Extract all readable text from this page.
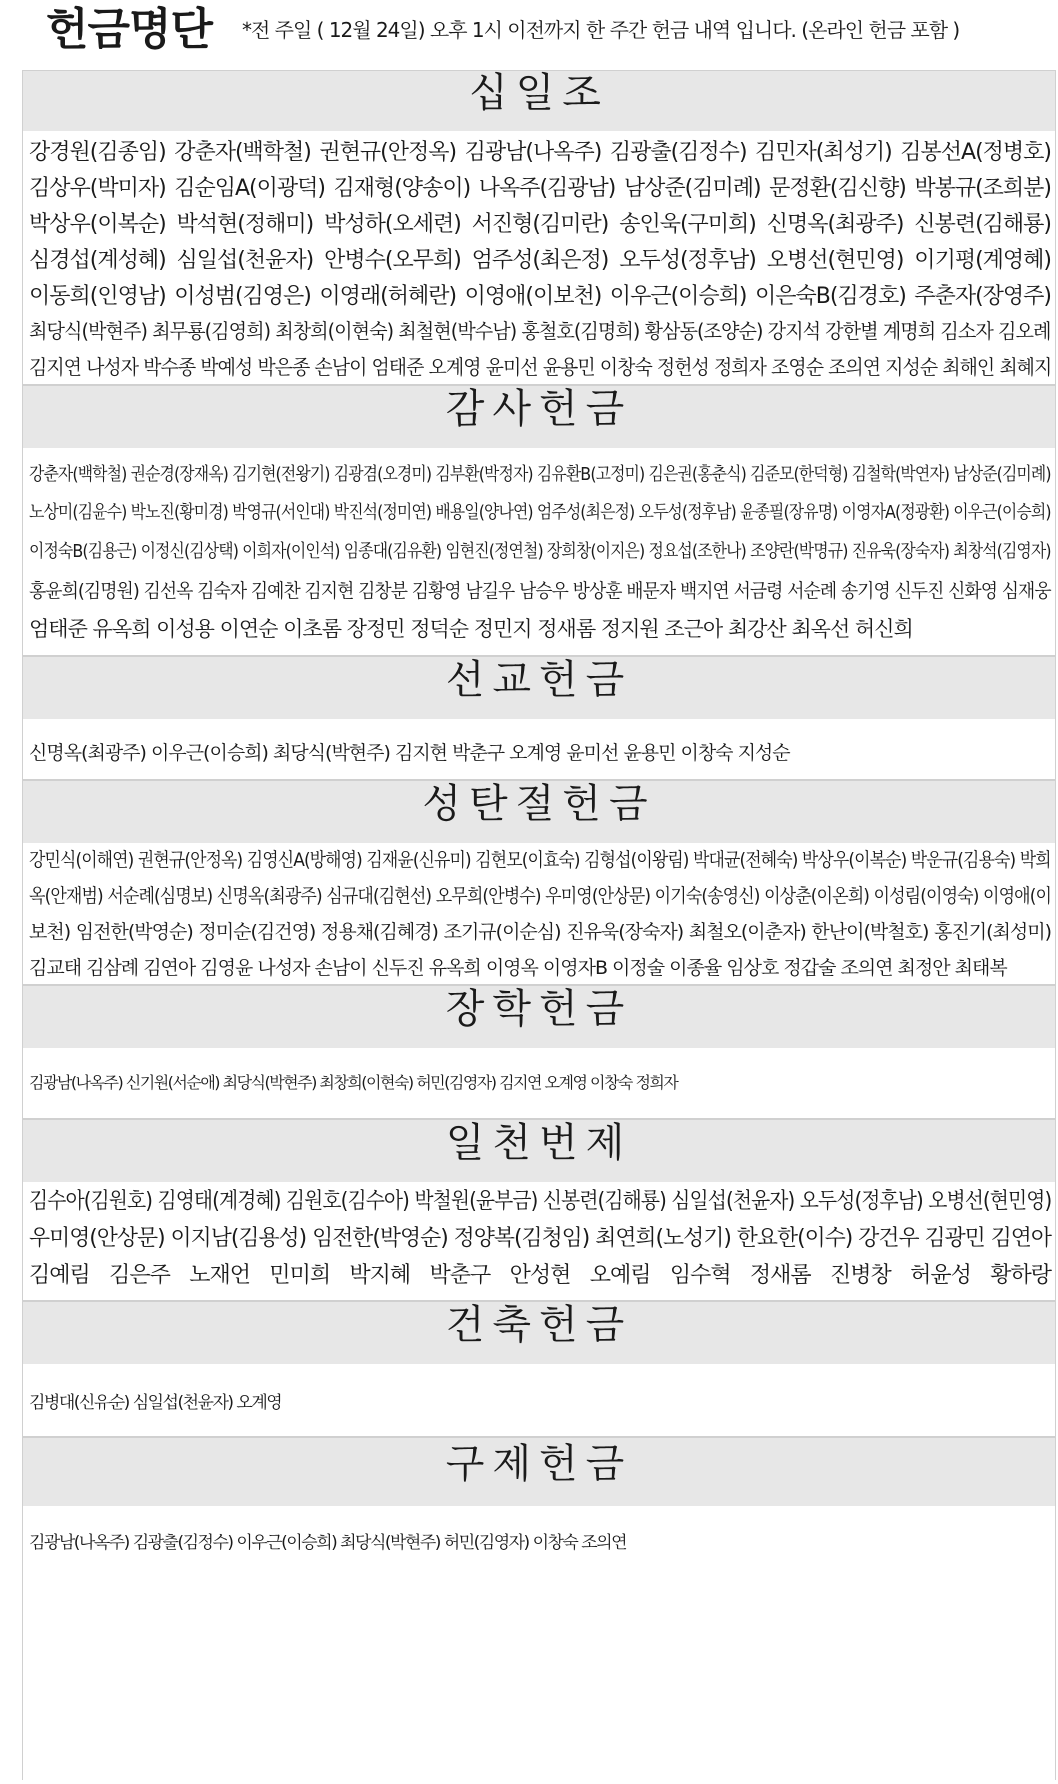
헌금명단 *전 주일 ( 12월 24일) 오후 1시 이전까지 한 주간 헌금 내역 입니다. (온라인 헌금 포함 )
십일조
강경원(김종임) 강춘자(백학철) 권현규(안정옥) 김광남(나옥주) 김광출(김정수) 김민자(최성기) 김봉선A(정병호)
김상우(박미자) 김순임A(이광덕) 김재형(양송이) 나옥주(김광남) 남상준(김미례) 문정환(김신향) 박봉규(조희분)
박상우(이복순) 박석현(정해미) 박성하(오세련) 서진형(김미란) 송인욱(구미희) 신명옥(최광주) 신봉련(김해룡)
심경섭(계성혜) 심일섭(천윤자) 안병수(오무희) 엄주성(최은정) 오두성(정후남) 오병선(현민영) 이기평(계영혜)
이동희(인영남) 이성범(김영은) 이영래(허혜란) 이영애(이보천) 이우근(이승희) 이은숙B(김경호) 주춘자(장영주)
최당식(박현주) 최무룡(김영희) 최창희(이현숙) 최철현(박수남) 홍철호(김명희) 황삼동(조양순) 강지석 강한별 계명희 김소자 김오례
김지연 나성자 박수종 박예성 박은종 손남이 엄태준 오계영 윤미선 윤용민 이창숙 정헌성 정희자 조영순 조의연 지성순 최해인 최혜지
감사헌금
강춘자(백학철) 권순경(장재옥) 김기현(전왕기) 김광겸(오경미) 김부환(박정자) 김유환B(고정미) 김은권(홍춘식) 김준모(한덕형) 김철학(박연자) 남상준(김미례)
노상미(김윤수) 박노진(황미경) 박영규(서인대) 박진석(정미연) 배용일(양나연) 엄주성(최은정) 오두성(정후남) 윤종필(장유명) 이영자A(정광환) 이우근(이승희)
이정숙B(김용근) 이정신(김상택) 이희자(이인석) 임종대(김유환) 임현진(정연철) 장희창(이지은) 정요섭(조한나) 조양란(박명규) 진유욱(장숙자) 최창석(김영자)
홍윤희(김명원) 김선옥 김숙자 김예찬 김지현 김창분 김황영 남길우 남승우 방상훈 배문자 백지연 서금령 서순례 송기영 신두진 신화영 심재웅
엄태준 유옥희 이성용 이연순 이초롬 장정민 정덕순 정민지 정새롬 정지원 조근아 최강산 최옥선 허신희
선교헌금
신명옥(최광주) 이우근(이승희) 최당식(박현주) 김지현 박춘구 오계영 윤미선 윤용민 이창숙 지성순
성탄절헌금
강민식(이해연) 권현규(안정옥) 김영신A(방해영) 김재윤(신유미) 김현모(이효숙) 김형섭(이왕림) 박대균(전혜숙) 박상우(이복순) 박운규(김용숙) 박희
옥(안재범) 서순례(심명보) 신명옥(최광주) 심규대(김현선) 오무희(안병수) 우미영(안상문) 이기숙(송영신) 이상춘(이온희) 이성림(이영숙) 이영애(이
보천) 임전한(박영순) 정미순(김건영) 정용채(김혜경) 조기규(이순심) 진유욱(장숙자) 최철오(이춘자) 한난이(박철호) 홍진기(최성미)
김교태 김삼례 김연아 김영윤 나성자 손남이 신두진 유옥희 이영옥 이영자B 이정술 이종율 임상호 정갑술 조의연 최정안 최태복
장학헌금
김광남(나옥주) 신기원(서순애) 최당식(박현주) 최창희(이현숙) 허민(김영자) 김지연 오계영 이창숙 정희자
일천번제
김수아(김원호) 김영태(계경혜) 김원호(김수아) 박철원(윤부금) 신봉련(김해룡) 심일섭(천윤자) 오두성(정후남) 오병선(현민영)
우미영(안상문) 이지남(김용성) 임전한(박영순) 정양복(김청임) 최연희(노성기) 한요한(이수) 강건우 김광민 김연아
김예림 김은주 노재언 민미희 박지혜 박춘구 안성현 오예림 임수혁 정새롬 진병창 허윤성 황하랑
건축헌금
김병대(신유순) 심일섭(천윤자) 오계영
구제헌금
김광남(나옥주) 김광출(김정수) 이우근(이승희) 최당식(박현주) 허민(김영자) 이창숙 조의연
